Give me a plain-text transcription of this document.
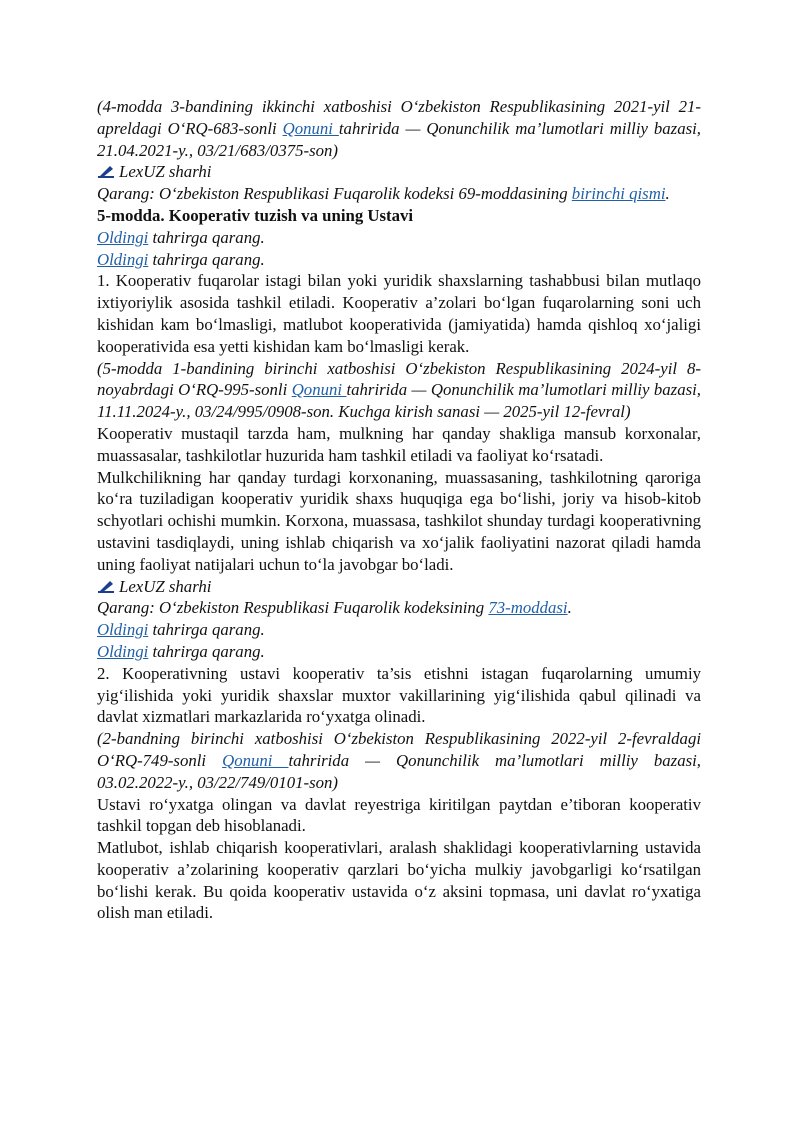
(4-modda 3-bandining ikkinchi xatboshisi O‘zbekiston Respublikasining 2021-yil 21-apreldagi O‘RQ-683-sonli Qonuni tahririda — Qonunchilik ma’lumotlari milliy bazasi, 21.04.2021-y., 03/21/683/0375-son)

LexUZ sharhi

Qarang: O‘zbekiston Respublikasi Fuqarolik kodeksi 69-moddasining birinchi qismi.

5-modda. Kooperativ tuzish va uning Ustavi

Oldingi tahrirga qarang.

Oldingi tahrirga qarang.

1. Kooperativ fuqarolar istagi bilan yoki yuridik shaxslarning tashabbusi bilan mutlaqo ixtiyoriylik asosida tashkil etiladi. Kooperativ a’zolari bo‘lgan fuqarolarning soni uch kishidan kam bo‘lmasligi, matlubot kooperativida (jamiyatida) hamda qishloq xo‘jaligi kooperativida esa yetti kishidan kam bo‘lmasligi kerak.

(5-modda 1-bandining birinchi xatboshisi O‘zbekiston Respublikasining 2024-yil 8-noyabrdagi O‘RQ-995-sonli Qonuni tahririda — Qonunchilik ma’lumotlari milliy bazasi, 11.11.2024-y., 03/24/995/0908-son. Kuchga kirish sanasi — 2025-yil 12-fevral)

Kooperativ mustaqil tarzda ham, mulkning har qanday shakliga mansub korxonalar, muassasalar, tashkilotlar huzurida ham tashkil etiladi va faoliyat ko‘rsatadi.

Mulkchilikning har qanday turdagi korxonaning, muassasaning, tashkilotning qaroriga ko‘ra tuziladigan kooperativ yuridik shaxs huquqiga ega bo‘lishi, joriy va hisob-kitob schyotlari ochishi mumkin. Korxona, muassasa, tashkilot shunday turdagi kooperativning ustavini tasdiqlaydi, uning ishlab chiqarish va xo‘jalik faoliyatini nazorat qiladi hamda uning faoliyat natijalari uchun to‘la javobgar bo‘ladi.

LexUZ sharhi

Qarang: O‘zbekiston Respublikasi Fuqarolik kodeksining 73-moddasi.

Oldingi tahrirga qarang.

Oldingi tahrirga qarang.

2. Kooperativning ustavi kooperativ ta’sis etishni istagan fuqarolarning umumiy yig‘ilishida yoki yuridik shaxslar muxtor vakillarining yig‘ilishida qabul qilinadi va davlat xizmatlari markazlarida ro‘yxatga olinadi.

(2-bandning birinchi xatboshisi O‘zbekiston Respublikasining 2022-yil 2-fevraldagi O‘RQ-749-sonli Qonuni tahririda — Qonunchilik ma’lumotlari milliy bazasi, 03.02.2022-y., 03/22/749/0101-son)

Ustavi ro‘yxatga olingan va davlat reyestriga kiritilgan paytdan e’tiboran kooperativ tashkil topgan deb hisoblanadi.

Matlubot, ishlab chiqarish kooperativlari, aralash shaklidagi kooperativlarning ustavida kooperativ a’zolarining kooperativ qarzlari bo‘yicha mulkiy javobgarligi ko‘rsatilgan bo‘lishi kerak. Bu qoida kooperativ ustavida o‘z aksini topmasa, uni davlat ro‘yxatiga olish man etiladi.
